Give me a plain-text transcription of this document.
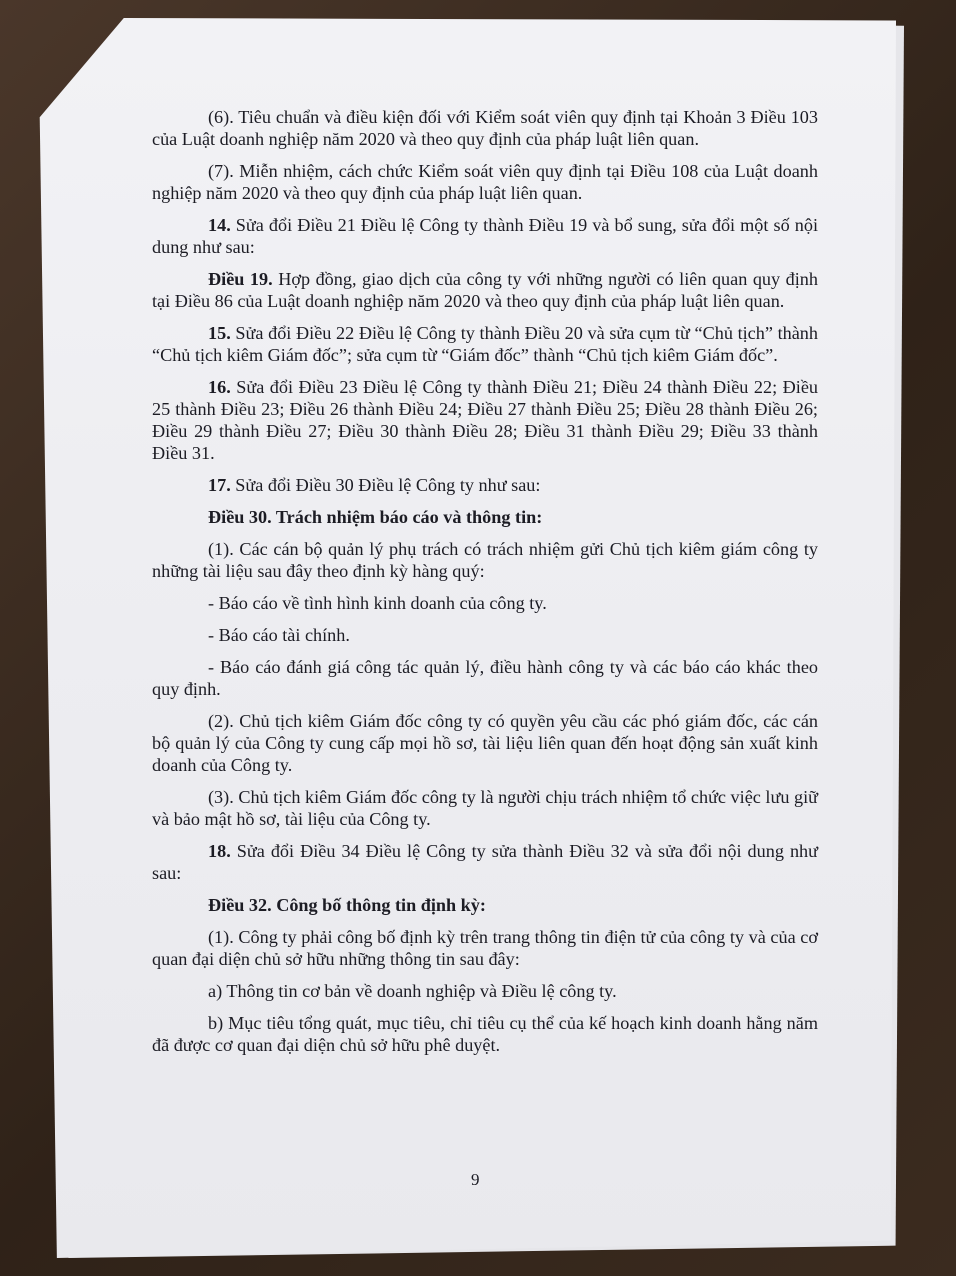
(6). Tiêu chuẩn và điều kiện đối với Kiểm soát viên quy định tại Khoản 3 Điều 103 của Luật doanh nghiệp năm 2020 và theo quy định của pháp luật liên quan.

(7). Miễn nhiệm, cách chức Kiểm soát viên quy định tại Điều 108 của Luật doanh nghiệp năm 2020 và theo quy định của pháp luật liên quan.

14. Sửa đổi Điều 21 Điều lệ Công ty thành Điều 19 và bổ sung, sửa đổi một số nội dung như sau:

Điều 19. Hợp đồng, giao dịch của công ty với những người có liên quan quy định tại Điều 86 của Luật doanh nghiệp năm 2020 và theo quy định của pháp luật liên quan.

15. Sửa đổi Điều 22 Điều lệ Công ty thành Điều 20 và sửa cụm từ “Chủ tịch” thành “Chủ tịch kiêm Giám đốc”; sửa cụm từ “Giám đốc” thành “Chủ tịch kiêm Giám đốc”.

16. Sửa đổi Điều 23 Điều lệ Công ty thành Điều 21; Điều 24 thành Điều 22; Điều 25 thành Điều 23; Điều 26 thành Điều 24; Điều 27 thành Điều 25; Điều 28 thành Điều 26; Điều 29 thành Điều 27; Điều 30 thành Điều 28; Điều 31 thành Điều 29; Điều 33 thành Điều 31.

17. Sửa đổi Điều 30 Điều lệ Công ty như sau:

Điều 30. Trách nhiệm báo cáo và thông tin:

(1). Các cán bộ quản lý phụ trách có trách nhiệm gửi Chủ tịch kiêm giám công ty những tài liệu sau đây theo định kỳ hàng quý:

- Báo cáo về tình hình kinh doanh của công ty.

- Báo cáo tài chính.

- Báo cáo đánh giá công tác quản lý, điều hành công ty và các báo cáo khác theo quy định.

(2). Chủ tịch kiêm Giám đốc công ty có quyền yêu cầu các phó giám đốc, các cán bộ quản lý của Công ty cung cấp mọi hồ sơ, tài liệu liên quan đến hoạt động sản xuất kinh doanh của Công ty.

(3). Chủ tịch kiêm Giám đốc công ty là người chịu trách nhiệm tổ chức việc lưu giữ và bảo mật hồ sơ, tài liệu của Công ty.

18. Sửa đổi Điều 34 Điều lệ Công ty sửa thành Điều 32 và sửa đổi nội dung như sau:

Điều 32. Công bố thông tin định kỳ:

(1). Công ty phải công bố định kỳ trên trang thông tin điện tử của công ty và của cơ quan đại diện chủ sở hữu những thông tin sau đây:

a) Thông tin cơ bản về doanh nghiệp và Điều lệ công ty.

b) Mục tiêu tổng quát, mục tiêu, chỉ tiêu cụ thể của kế hoạch kinh doanh hằng năm đã được cơ quan đại diện chủ sở hữu phê duyệt.

9
